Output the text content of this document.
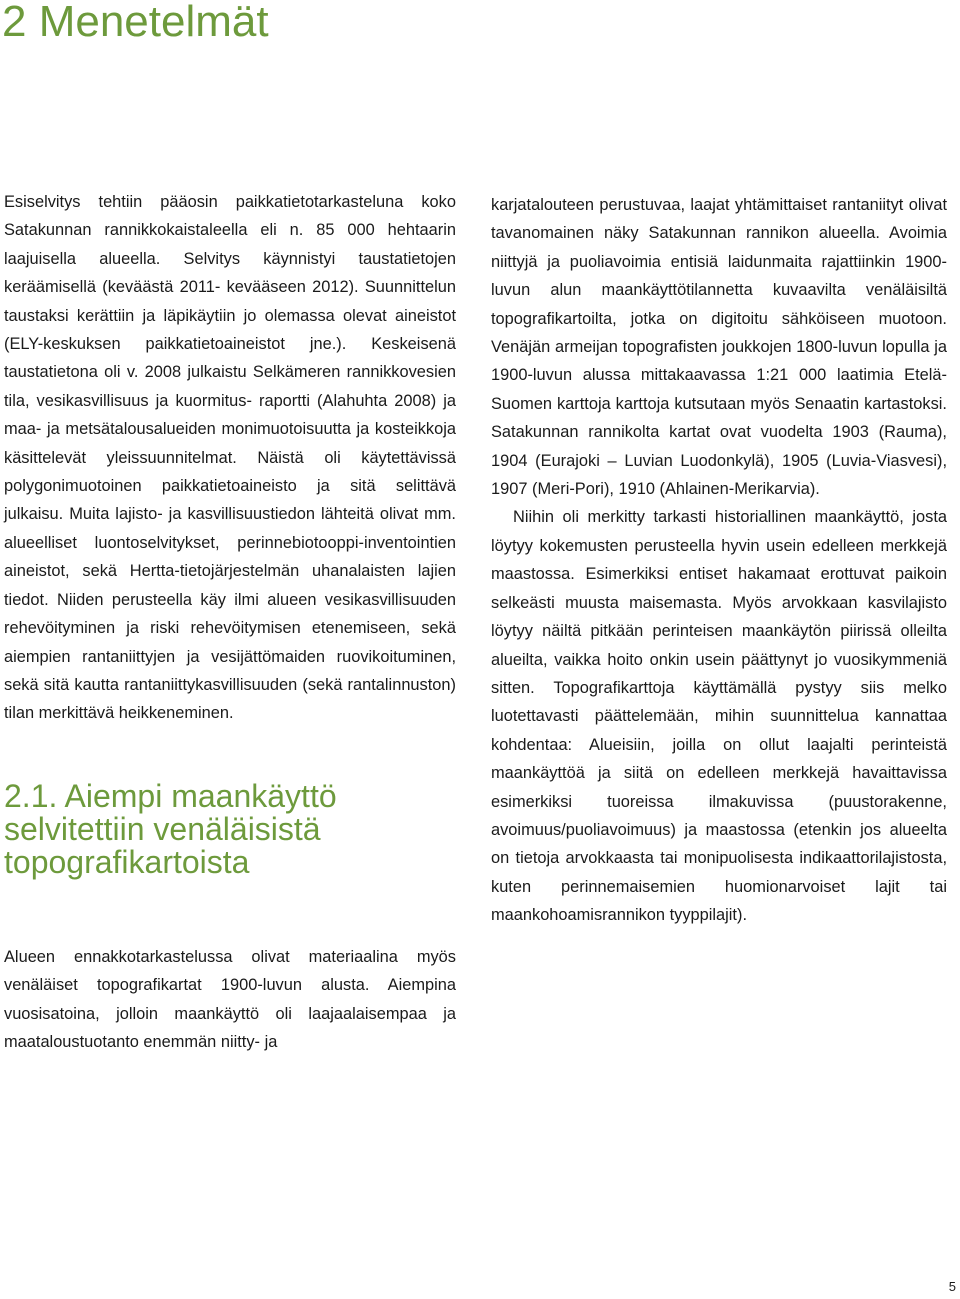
2 Menetelmät

Esiselvitys tehtiin pääosin paikkatietotarkasteluna koko Satakunnan rannikkokaistaleella eli n. 85 000 hehtaarin laajuisella alueella. Selvitys käynnistyi taustatietojen keräämisellä (keväästä 2011- kevääseen 2012). Suunnittelun taustaksi kerättiin ja läpikäytiin jo olemassa olevat aineistot (ELY-keskuksen paikkatietoaineistot jne.). Keskeisenä taustatietona oli v. 2008 julkaistu Selkämeren rannikkovesien tila, vesikasvillisuus ja kuormitus- raportti (Alahuhta 2008) ja maa- ja metsätalousalueiden monimuotoisuutta ja kosteikkoja käsittelevät yleissuunnitelmat. Näistä oli käytettävissä polygonimuotoinen paikkatietoaineisto ja sitä selittävä julkaisu. Muita lajisto- ja kasvillisuustiedon lähteitä olivat mm. alueelliset luontoselvitykset, perinnebiotooppi-inventointien aineistot, sekä Hertta-tietojärjestelmän uhanalaisten lajien tiedot. Niiden perusteella käy ilmi alueen vesikasvillisuuden rehevöityminen ja riski rehevöitymisen etenemiseen, sekä aiempien rantaniittyjen ja vesijättömaiden ruovikoituminen, sekä sitä kautta rantaniittykasvillisuuden (sekä rantalinnuston) tilan merkittävä heikkeneminen.

2.1. Aiempi maankäyttö selvitettiin venäläisistä topografikartoista

Alueen ennakkotarkastelussa olivat materiaalina myös venäläiset topografikartat 1900-luvun alusta. Aiempina vuosisatoina, jolloin maankäyttö oli laajaalaisempaa ja maataloustuotanto enemmän niitty- ja

karjatalouteen perustuvaa, laajat yhtämittaiset rantaniityt olivat tavanomainen näky Satakunnan rannikon alueella. Avoimia niittyjä ja puoliavoimia entisiä laidunmaita rajattiinkin 1900-luvun alun maankäyttötilannetta kuvaavilta venäläisiltä topografikartoilta, jotka on digitoitu sähköiseen muotoon. Venäjän armeijan topografisten joukkojen 1800-luvun lopulla ja 1900-luvun alussa mittakaavassa 1:21 000 laatimia Etelä-Suomen karttoja karttoja kutsutaan myös Senaatin kartastoksi. Satakunnan rannikolta kartat ovat vuodelta 1903 (Rauma), 1904 (Eurajoki – Luvian Luodonkylä), 1905 (Luvia-Viasvesi), 1907 (Meri-Pori), 1910 (Ahlainen-Merikarvia).

Niihin oli merkitty tarkasti historiallinen maankäyttö, josta löytyy kokemusten perusteella hyvin usein edelleen merkkejä maastossa. Esimerkiksi entiset hakamaat erottuvat paikoin selkeästi muusta maisemasta. Myös arvokkaan kasvilajisto löytyy näiltä pitkään perinteisen maankäytön piirissä olleilta alueilta, vaikka hoito onkin usein päättynyt jo vuosikymmeniä sitten. Topografikarttoja käyttämällä pystyy siis melko luotettavasti päättelemään, mihin suunnittelua kannattaa kohdentaa: Alueisiin, joilla on ollut laajalti perinteistä maankäyttöä ja siitä on edelleen merkkejä havaittavissa esimerkiksi tuoreissa ilmakuvissa (puustorakenne, avoimuus/puoliavoimuus) ja maastossa (etenkin jos alueelta on tietoja arvokkaasta tai monipuolisesta indikaattorilajistosta, kuten perinnemaisemien huomionarvoiset lajit tai maankohoamisrannikon tyyppilajit).

5
